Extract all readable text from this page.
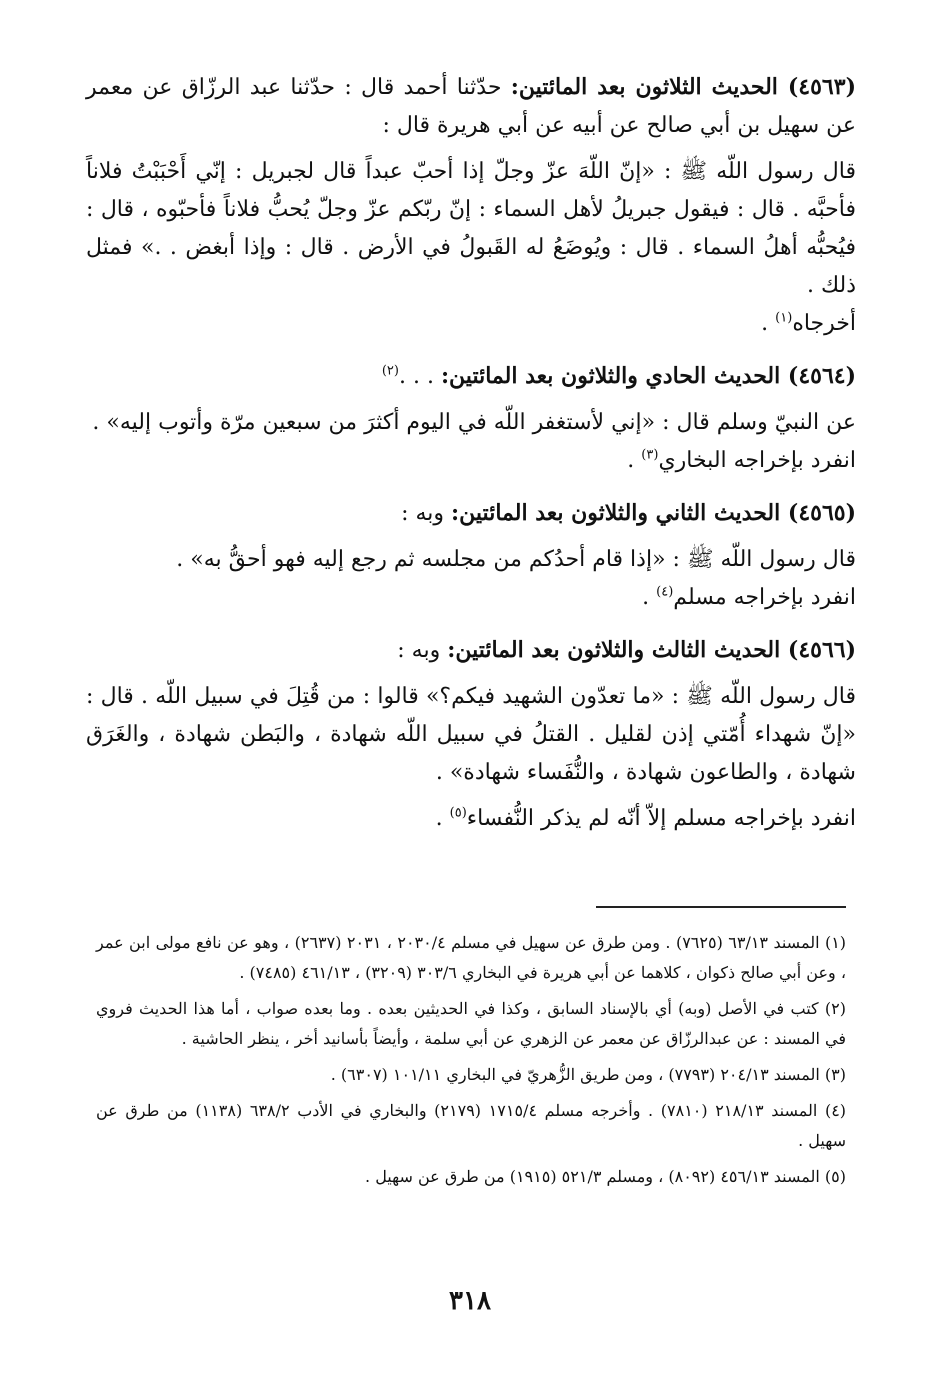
(٤٥٦٣) الحديث الثلاثون بعد المائتين: حدّثنا أحمد قال : حدّثنا عبد الرزّاق عن معمر عن سهيل بن أبي صالح عن أبيه عن أبي هريرة قال :

قال رسول اللّه ﷺ : «إنّ اللّهَ عزّ وجلّ إذا أحبّ عبداً قال لجبريل : إنّي أَحْبَبْتُ فلاناً فأحبَّه . قال : فيقول جبريلُ لأهل السماء : إنّ ربّكم عزّ وجلّ يُحبُّ فلاناً فأحبّوه ، قال : فيُحبُّه أهلُ السماء . قال : ويُوضَعُ له القَبولُ في الأرض . قال : وإذا أبغض . .» فمثل ذلك .

أخرجاه$^{(١)}$ .

(٤٥٦٤) الحديث الحادي والثلاثون بعد المائتين: . . .$^{(٢)}$

عن النبيّ وسلم قال : «إني لأستغفر اللّه في اليوم أكثرَ من سبعين مرّة وأتوب إليه» .

انفرد بإخراجه البخاري$^{(٣)}$ .

(٤٥٦٥) الحديث الثاني والثلاثون بعد المائتين: وبه :

قال رسول اللّه ﷺ : «إذا قام أحدُكم من مجلسه ثم رجع إليه فهو أحقُّ به» .

انفرد بإخراجه مسلم$^{(٤)}$ .

(٤٥٦٦) الحديث الثالث والثلاثون بعد المائتين: وبه :

قال رسول اللّه ﷺ : «ما تعدّون الشهيد فيكم؟» قالوا : من قُتِلَ في سبيل اللّه . قال : «إنّ شهداء أُمّتي إذن لقليل . القتلُ في سبيل اللّه شهادة ، والبَطن شهادة ، والغَرَق شهادة ، والطاعون شهادة ، والنُّفَساء شهادة» .

انفرد بإخراجه مسلم إلاّ أنّه لم يذكر النُّفساء$^{(٥)}$ .

(١) المسند ٦٣/١٣ (٧٦٢٥) . ومن طرق عن سهيل في مسلم ٢٠٣٠/٤ ، ٢٠٣١ (٢٦٣٧) ، وهو عن نافع مولى ابن عمر ، وعن أبي صالح ذكوان ، كلاهما عن أبي هريرة في البخاري ٣٠٣/٦ (٣٢٠٩) ، ٤٦١/١٣ (٧٤٨٥) .

(٢) كتب في الأصل (وبه) أي بالإسناد السابق ، وكذا في الحديثين بعده . وما بعده صواب ، أما هذا الحديث فروي في المسند : عن عبدالرزّاق عن معمر عن الزهري عن أبي سلمة ، وأيضاً بأسانيد أخر ، ينظر الحاشية .

(٣) المسند ٢٠٤/١٣ (٧٧٩٣) ، ومن طريق الزُّهريّ في البخاري ١٠١/١١ (٦٣٠٧) .

(٤) المسند ٢١٨/١٣ (٧٨١٠) . وأخرجه مسلم ١٧١٥/٤ (٢١٧٩) والبخاري في الأدب ٦٣٨/٢ (١١٣٨) من طرق عن سهيل .

(٥) المسند ٤٥٦/١٣ (٨٠٩٢) ، ومسلم ٥٢١/٣ (١٩١٥) من طرق عن سهيل .

٣١٨
